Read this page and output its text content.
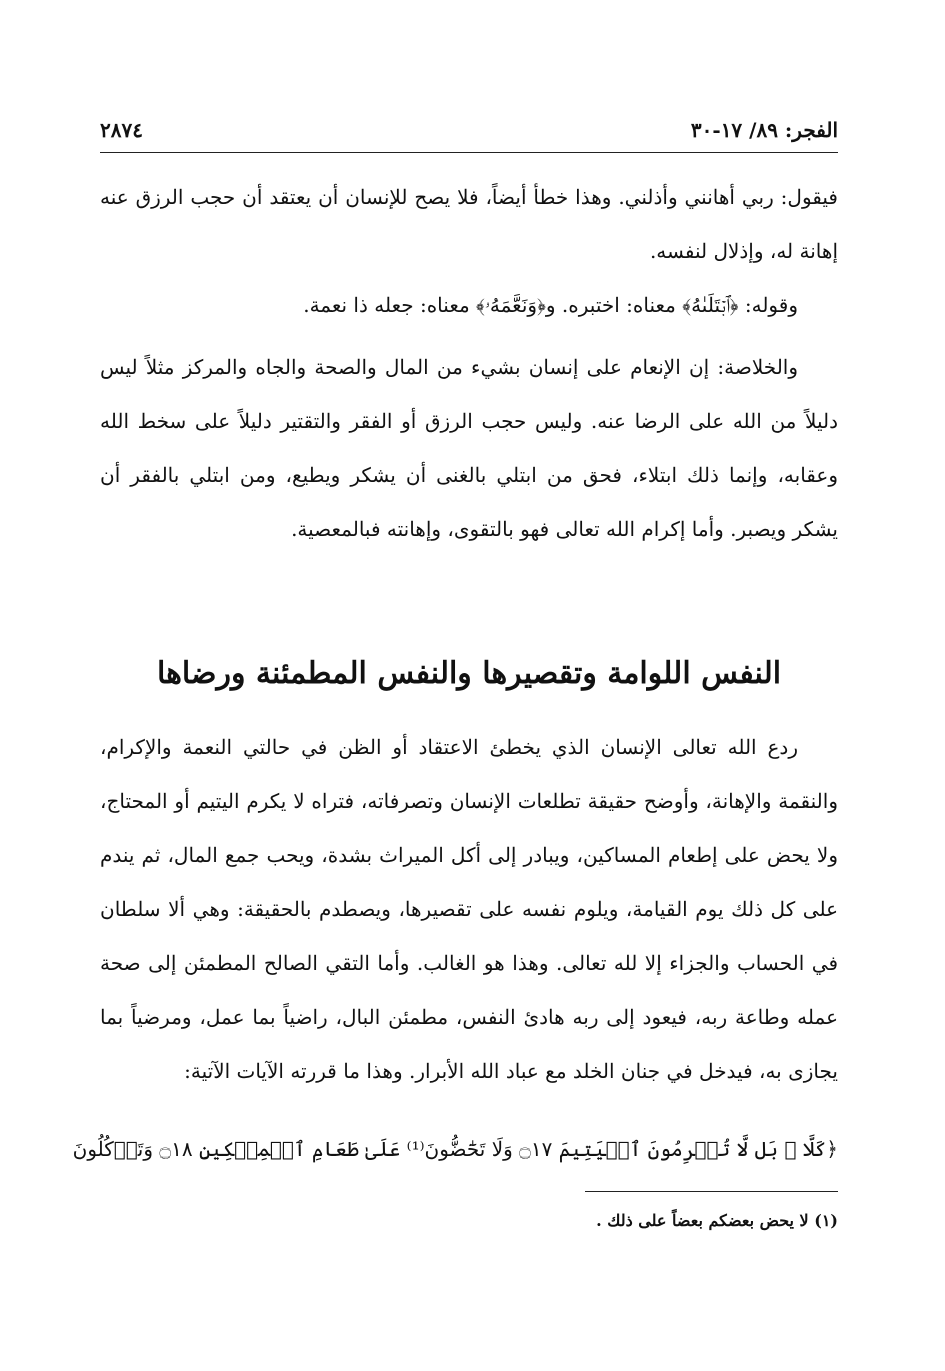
٢٨٧٤	الفجر: ٨٩/ ١٧-٣٠

فيقول: ربي أهانني وأذلني. وهذا خطأ أيضاً، فلا يصح للإنسان أن يعتقد أن حجب الرزق عنه إهانة له، وإذلال لنفسه.

وقوله: ﴿ٱبۡتَلَىٰهُ﴾ معناه: اختبره. و﴿وَنَعَّمَهُۥ﴾ معناه: جعله ذا نعمة.

والخلاصة: إن الإنعام على إنسان بشيء من المال والصحة والجاه والمركز مثلاً ليس دليلاً من الله على الرضا عنه. وليس حجب الرزق أو الفقر والتقتير دليلاً على سخط الله وعقابه، وإنما ذلك ابتلاء، فحق من ابتلي بالغنى أن يشكر ويطيع، ومن ابتلي بالفقر أن يشكر ويصبر. وأما إكرام الله تعالى فهو بالتقوى، وإهانته فبالمعصية.

النفس اللوامة وتقصيرها والنفس المطمئنة ورضاها

ردع الله تعالى الإنسان الذي يخطئ الاعتقاد أو الظن في حالتي النعمة والإكرام، والنقمة والإهانة، وأوضح حقيقة تطلعات الإنسان وتصرفاته، فتراه لا يكرم اليتيم أو المحتاج، ولا يحض على إطعام المساكين، ويبادر إلى أكل الميراث بشدة، ويحب جمع المال، ثم يندم على كل ذلك يوم القيامة، ويلوم نفسه على تقصيرها، ويصطدم بالحقيقة: وهي ألا سلطان في الحساب والجزاء إلا لله تعالى. وهذا هو الغالب. وأما التقي الصالح المطمئن إلى صحة عمله وطاعة ربه، فيعود إلى ربه هادئ النفس، مطمئن البال، راضياً بما عمل، ومرضياً بما يجازى به، فيدخل في جنان الخلد مع عباد الله الأبرار. وهذا ما قررته الآيات الآتية:

﴿كَلَّا ۖ بَل لَّا تُكۡرِمُونَ ٱلۡيَتِيمَ ۝١٧ وَلَا تَحَٰٓضُّونَ⁽¹⁾ عَلَىٰ طَعَامِ ٱلۡمِسۡكِينِ ۝١٨ وَتَأۡكُلُونَ
(١) لا يحض بعضكم بعضاً على ذلك .
